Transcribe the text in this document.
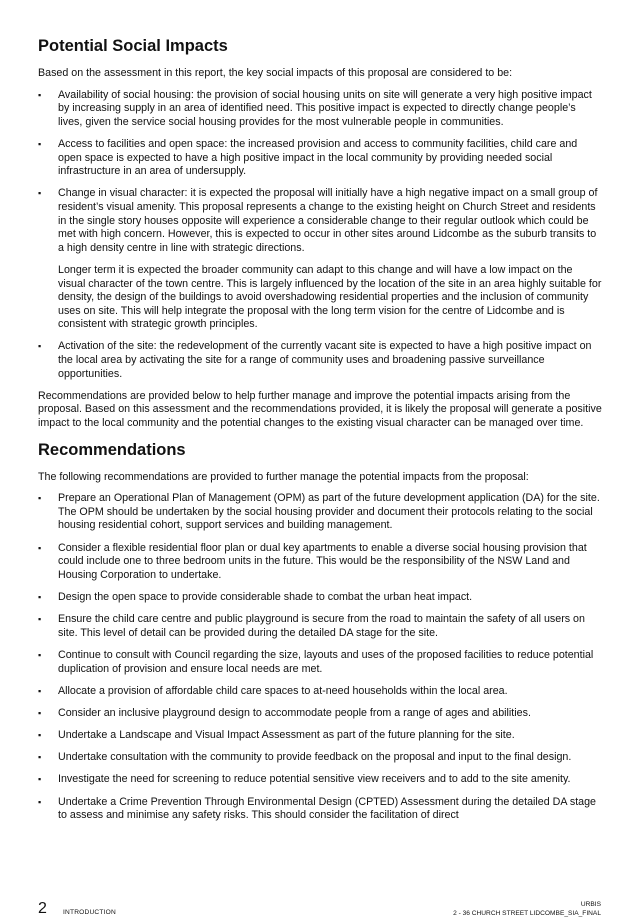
Potential Social Impacts

Based on the assessment in this report, the key social impacts of this proposal are considered to be:

▪ Availability of social housing: the provision of social housing units on site will generate a very high positive impact by increasing supply in an area of identified need. This positive impact is expected to directly change people’s lives, given the service social housing provides for the most vulnerable people in communities.

▪ Access to facilities and open space: the increased provision and access to community facilities, child care and open space is expected to have a high positive impact in the local community by providing needed social infrastructure in an area of undersupply.

▪ Change in visual character: it is expected the proposal will initially have a high negative impact on a small group of resident’s visual amenity. This proposal represents a change to the existing height on Church Street and residents in the single story houses opposite will experience a considerable change to their regular outlook which could be met with high concern. However, this is expected to occur in other sites around Lidcombe as the suburb transits to a high density centre in line with strategic directions.

Longer term it is expected the broader community can adapt to this change and will have a low impact on the visual character of the town centre. This is largely influenced by the location of the site in an area highly suitable for density, the design of the buildings to avoid overshadowing residential properties and the inclusion of community uses on site. This will help integrate the proposal with the long term vision for the centre of Lidcombe and is consistent with strategic growth principles.

▪ Activation of the site: the redevelopment of the currently vacant site is expected to have a high positive impact on the local area by activating the site for a range of community uses and broadening passive surveillance opportunities.

Recommendations are provided below to help further manage and improve the potential impacts arising from the proposal. Based on this assessment and the recommendations provided, it is likely the proposal will generate a positive impact to the local community and the potential changes to the existing visual character can be managed over time.

Recommendations

The following recommendations are provided to further manage the potential impacts from the proposal:

▪ Prepare an Operational Plan of Management (OPM) as part of the future development application (DA) for the site. The OPM should be undertaken by the social housing provider and document their protocols relating to the social housing residential cohort, support services and building management.

▪ Consider a flexible residential floor plan or dual key apartments to enable a diverse social housing provision that could include one to three bedroom units in the future. This would be the responsibility of the NSW Land and Housing Corporation to undertake.

▪ Design the open space to provide considerable shade to combat the urban heat impact.

▪ Ensure the child care centre and public playground is secure from the road to maintain the safety of all users on site. This level of detail can be provided during the detailed DA stage for the site.

▪ Continue to consult with Council regarding the size, layouts and uses of the proposed facilities to reduce potential duplication of provision and ensure local needs are met.

▪ Allocate a provision of affordable child care spaces to at-need households within the local area.

▪ Consider an inclusive playground design to accommodate people from a range of ages and abilities.

▪ Undertake a Landscape and Visual Impact Assessment as part of the future planning for the site.

▪ Undertake consultation with the community to provide feedback on the proposal and input to the final design.

▪ Investigate the need for screening to reduce potential sensitive view receivers and to add to the site amenity.

▪ Undertake a Crime Prevention Through Environmental Design (CPTED) Assessment during the detailed DA stage to assess and minimise any safety risks. This should consider the facilitation of direct

2 INTRODUCTION
URBIS
2 - 36 CHURCH STREET LIDCOMBE_SIA_FINAL
